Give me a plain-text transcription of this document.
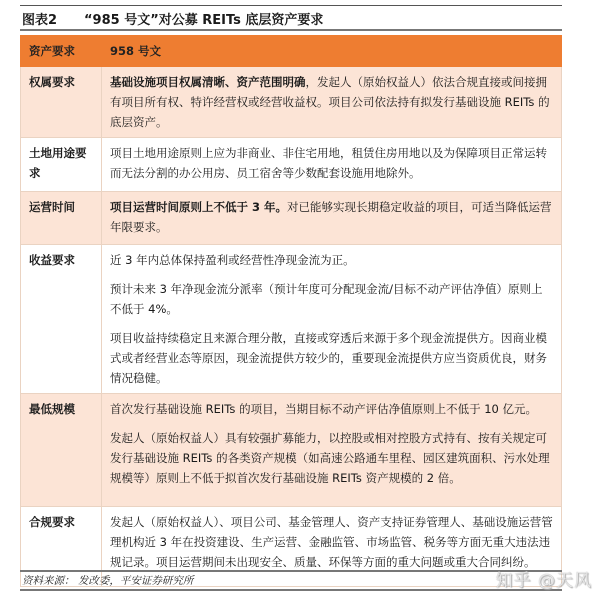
图表2 “985 号文”对公募 REITs 底层资产要求
资产要求	958 号文
权属要求	基础设施项目权属清晰、资产范围明确，发起人（原始权益人）依法合规直接或间接拥有项目所有权、特许经营权或经营收益权。项目公司依法持有拟发行基础设施 REITs 的底层资产。

土地用途要求	项目土地用途原则上应为非商业、非住宅用地，租赁住房用地以及为保障项目正常运转而无法分割的办公用房、员工宿舍等少数配套设施用地除外。

运营时间	项目运营时间原则上不低于 3 年。对已能够实现长期稳定收益的项目，可适当降低运营年限要求。

收益要求	近 3 年内总体保持盈利或经营性净现金流为正。

预计未来 3 年净现金流分派率（预计年度可分配现金流/目标不动产评估净值）原则上不低于 4%。

项目收益持续稳定且来源合理分散，直接或穿透后来源于多个现金流提供方。因商业模式或者经营业态等原因，现金流提供方较少的，重要现金流提供方应当资质优良，财务情况稳健。

最低规模	首次发行基础设施 REITs 的项目，当期目标不动产评估净值原则上不低于 10 亿元。

发起人（原始权益人）具有较强扩募能力，以控股或相对控股方式持有、按有关规定可发行基础设施 REITs 的各类资产规模（如高速公路通车里程、园区建筑面积、污水处理规模等）原则上不低于拟首次发行基础设施 REITs 资产规模的 2 倍。

合规要求	发起人（原始权益人）、项目公司、基金管理人、资产支持证券管理人、基础设施运营管理机构近 3 年在投资建设、生产运营、金融监管、市场监管、税务等方面无重大违法违规记录。项目运营期间未出现安全、质量、环保等方面的重大问题或重大合同纠纷。

资料来源： 发改委，平安证券研究所	知乎 @天风
